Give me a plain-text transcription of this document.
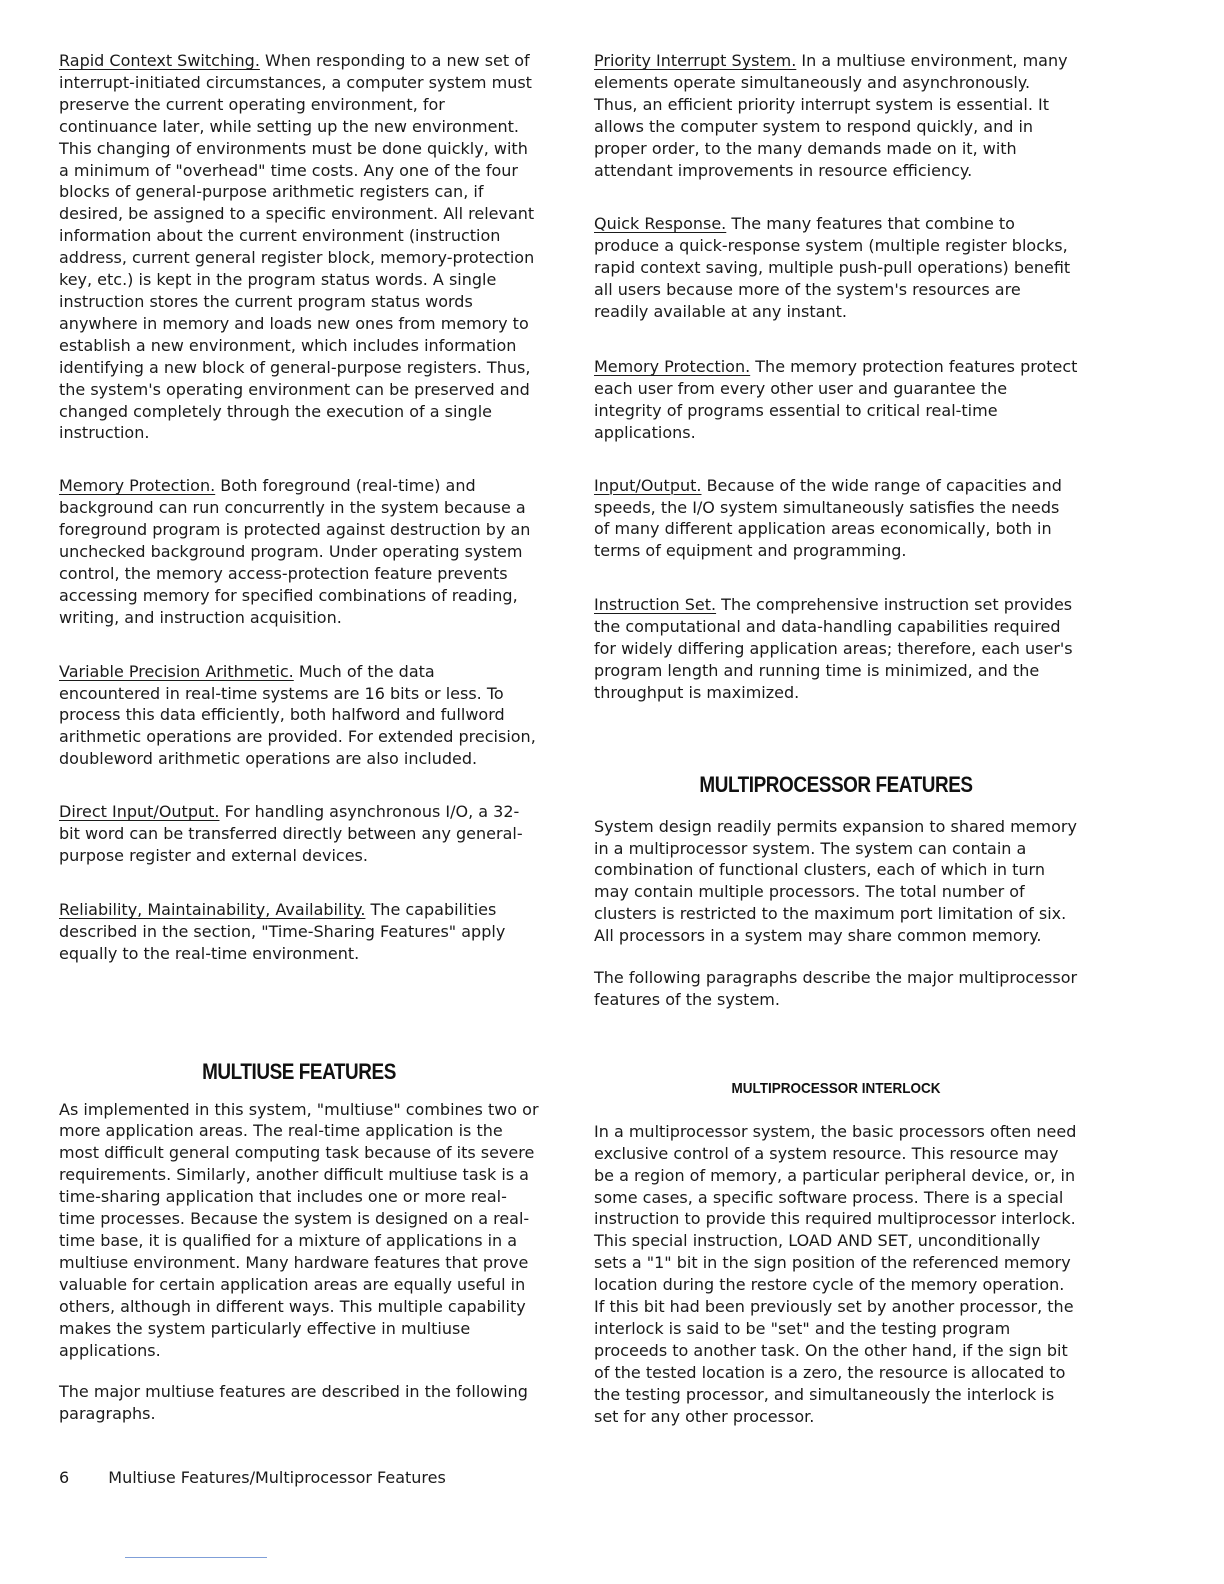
Rapid Context Switching. When responding to a new set of interrupt-initiated circumstances, a computer system must preserve the current operating environment, for continuance later, while setting up the new environment. This changing of environments must be done quickly, with a minimum of "overhead" time costs. Any one of the four blocks of general-purpose arithmetic registers can, if desired, be assigned to a specific environment. All relevant information about the current environment (instruction address, current general register block, memory-protection key, etc.) is kept in the program status words. A single instruction stores the current program status words anywhere in memory and loads new ones from memory to establish a new environment, which includes information identifying a new block of general-purpose registers. Thus, the system's operating environment can be preserved and changed completely through the execution of a single instruction.

Memory Protection. Both foreground (real-time) and background can run concurrently in the system because a foreground program is protected against destruction by an unchecked background program. Under operating system control, the memory access-protection feature prevents accessing memory for specified combinations of reading, writing, and instruction acquisition.

Variable Precision Arithmetic. Much of the data encountered in real-time systems are 16 bits or less. To process this data efficiently, both halfword and fullword arithmetic operations are provided. For extended precision, doubleword arithmetic operations are also included.

Direct Input/Output. For handling asynchronous I/O, a 32-bit word can be transferred directly between any general-purpose register and external devices.

Reliability, Maintainability, Availability. The capabilities described in the section, "Time-Sharing Features" apply equally to the real-time environment.

MULTIUSE FEATURES

As implemented in this system, "multiuse" combines two or more application areas. The real-time application is the most difficult general computing task because of its severe requirements. Similarly, another difficult multiuse task is a time-sharing application that includes one or more real-time processes. Because the system is designed on a real-time base, it is qualified for a mixture of applications in a multiuse environment. Many hardware features that prove valuable for certain application areas are equally useful in others, although in different ways. This multiple capability makes the system particularly effective in multiuse applications.

The major multiuse features are described in the following paragraphs.

Priority Interrupt System. In a multiuse environment, many elements operate simultaneously and asynchronously. Thus, an efficient priority interrupt system is essential. It allows the computer system to respond quickly, and in proper order, to the many demands made on it, with attendant improvements in resource efficiency.

Quick Response. The many features that combine to produce a quick-response system (multiple register blocks, rapid context saving, multiple push-pull operations) benefit all users because more of the system's resources are readily available at any instant.

Memory Protection. The memory protection features protect each user from every other user and guarantee the integrity of programs essential to critical real-time applications.

Input/Output. Because of the wide range of capacities and speeds, the I/O system simultaneously satisfies the needs of many different application areas economically, both in terms of equipment and programming.

Instruction Set. The comprehensive instruction set provides the computational and data-handling capabilities required for widely differing application areas; therefore, each user's program length and running time is minimized, and the throughput is maximized.

MULTIPROCESSOR FEATURES

System design readily permits expansion to shared memory in a multiprocessor system. The system can contain a combination of functional clusters, each of which in turn may contain multiple processors. The total number of clusters is restricted to the maximum port limitation of six. All processors in a system may share common memory.

The following paragraphs describe the major multiprocessor features of the system.

MULTIPROCESSOR INTERLOCK

In a multiprocessor system, the basic processors often need exclusive control of a system resource. This resource may be a region of memory, a particular peripheral device, or, in some cases, a specific software process. There is a special instruction to provide this required multiprocessor interlock. This special instruction, LOAD AND SET, unconditionally sets a "1" bit in the sign position of the referenced memory location during the restore cycle of the memory operation. If this bit had been previously set by another processor, the interlock is said to be "set" and the testing program proceeds to another task. On the other hand, if the sign bit of the tested location is a zero, the resource is allocated to the testing processor, and simultaneously the interlock is set for any other processor.

6 Multiuse Features/Multiprocessor Features
